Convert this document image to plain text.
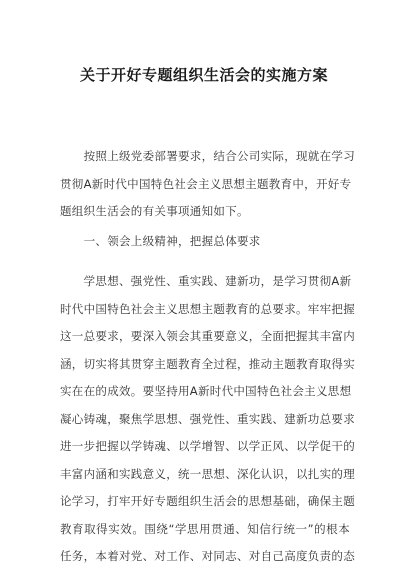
关于开好专题组织生活会的实施方案
　　按照上级党委部署要求，结合公司实际，现就在学习
贯彻A新时代中国特色社会主义思想主题教育中，开好专
题组织生活会的有关事项通知如下。
　　一、领会上级精神，把握总体要求
　　学思想、强党性、重实践、建新功，是学习贯彻A新
时代中国特色社会主义思想主题教育的总要求。牢牢把握
这一总要求，要深入领会其重要意义，全面把握其丰富内
涵，切实将其贯穿主题教育全过程，推动主题教育取得实
实在在的成效。要坚持用A新时代中国特色社会主义思想
凝心铸魂，聚焦学思想、强党性、重实践、建新功总要求
进一步把握以学铸魂、以学增智、以学正风、以学促干的
丰富内涵和实践意义，统一思想、深化认识，以扎实的理
论学习，打牢开好专题组织生活会的思想基础，确保主题
教育取得实效。围绕“学思用贯通、知信行统一”的根本
任务，本着对党、对工作、对同志、对自己高度负责的态
